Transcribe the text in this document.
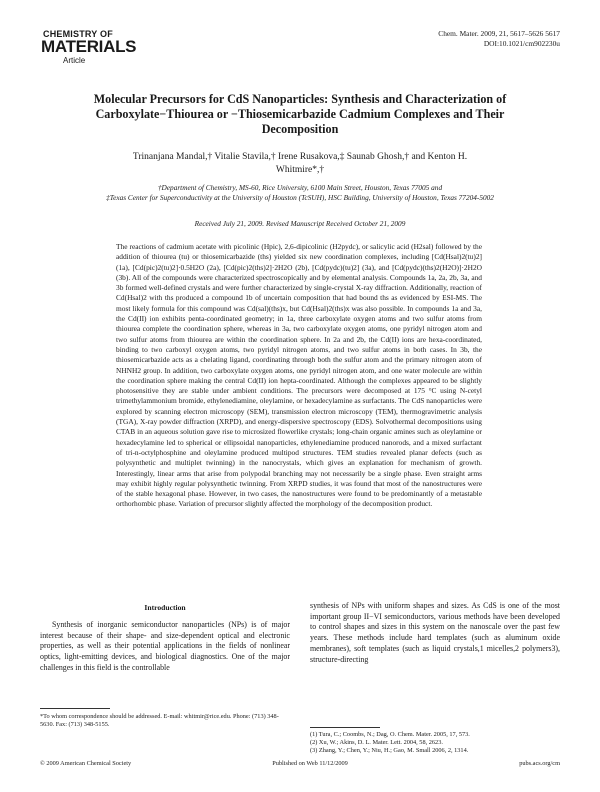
CHEMISTRY OF
MATERIALS
Article
Chem. Mater. 2009, 21, 5617–5626 5617
DOI:10.1021/cm902230u
Molecular Precursors for CdS Nanoparticles: Synthesis and Characterization of Carboxylate−Thiourea or −Thiosemicarbazide Cadmium Complexes and Their Decomposition
Trinanjana Mandal,† Vitalie Stavila,† Irene Rusakova,‡ Saunab Ghosh,† and Kenton H. Whitmire*,†
†Department of Chemistry, MS-60, Rice University, 6100 Main Street, Houston, Texas 77005 and
‡Texas Center for Superconductivity at the University of Houston (TcSUH), HSC Building, University of Houston, Texas 77204-5002
Received July 21, 2009. Revised Manuscript Received October 21, 2009

The reactions of cadmium acetate with picolinic (Hpic), 2,6-dipicolinic (H2pydc), or salicylic acid (H2sal) followed by the addition of thiourea (tu) or thiosemicarbazide (ths) yielded six new coordination complexes, including [Cd(Hsal)2(tu)2] (1a), [Cd(pic)2(tu)2]·0.5H2O (2a), [Cd(pic)2(ths)2]·2H2O (2b), [Cd(pydc)(tu)2] (3a), and [Cd(pydc)(ths)2(H2O)]·2H2O (3b). All of the compounds were characterized spectroscopically and by elemental analysis. Compounds 1a, 2a, 2b, 3a, and 3b formed well-defined crystals and were further characterized by single-crystal X-ray diffraction. Additionally, reaction of Cd(Hsal)2 with ths produced a compound 1b of uncertain composition that had bound ths as evidenced by ESI-MS. The most likely formula for this compound was Cd(sal)(ths)x, but Cd(Hsal)2(ths)x was also possible. In compounds 1a and 3a, the Cd(II) ion exhibits penta-coordinated geometry; in 1a, three carboxylate oxygen atoms and two sulfur atoms from thiourea complete the coordination sphere, whereas in 3a, two carboxylate oxygen atoms, one pyridyl nitrogen atom and two sulfur atoms from thiourea are within the coordination sphere. In 2a and 2b, the Cd(II) ions are hexa-coordinated, binding to two carboxyl oxygen atoms, two pyridyl nitrogen atoms, and two sulfur atoms in both cases. In 3b, the thiosemicarbazide acts as a chelating ligand, coordinating through both the sulfur atom and the primary nitrogen atom of NHNH2 group. In addition, two carboxylate oxygen atoms, one pyridyl nitrogen atom, and one water molecule are within the coordination sphere making the central Cd(II) ion hepta-coordinated. Although the complexes appeared to be slightly photosensitive they are stable under ambient conditions. The precursors were decomposed at 175 °C using N-cetyl trimethylammonium bromide, ethylenediamine, oleylamine, or hexadecylamine as surfactants. The CdS nanoparticles were explored by scanning electron microscopy (SEM), transmission electron microscopy (TEM), thermogravimetric analysis (TGA), X-ray powder diffraction (XRPD), and energy-dispersive spectroscopy (EDS). Solvothermal decompositions using CTAB in an aqueous solution gave rise to microsized flowerlike crystals; long-chain organic amines such as oleylamine or hexadecylamine led to spherical or ellipsoidal nanoparticles, ethylenediamine produced nanorods, and a mixed surfactant of tri-n-octylphosphine and oleylamine produced multipod structures. TEM studies revealed planar defects (such as polysynthetic and multiplet twinning) in the nanocrystals, which gives an explanation for mechanism of growth. Interestingly, linear arms that arise from polypodal branching may not necessarily be a single phase. Even straight arms may exhibit highly regular polysynthetic twinning. From XRPD studies, it was found that most of the nanostructures were of the stable hexagonal phase. However, in two cases, the nanostructures were found to be predominantly of a metastable orthorhombic phase. Variation of precursor slightly affected the morphology of the decomposition product.

Introduction

Synthesis of inorganic semiconductor nanoparticles (NPs) is of major interest because of their shape- and size-dependent optical and electronic properties, as well as their potential applications in the fields of nonlinear optics, light-emitting devices, and biological diagnostics. One of the major challenges in this field is the controllable

synthesis of NPs with uniform shapes and sizes. As CdS is one of the most important group II−VI semiconductors, various methods have been developed to control shapes and sizes in this system on the nanoscale over the past few years. These methods include hard templates (such as aluminum oxide membranes), soft templates (such as liquid crystals,1 micelles,2 polymers3), structure-directing

*To whom correspondence should be addressed. E-mail: whitmir@rice.edu. Phone: (713) 348-5630. Fax: (713) 348-5155.
(1) Tura, C.; Coombs, N.; Dag, O. Chem. Mater. 2005, 17, 573.
(2) Xu, W.; Akins, D. L. Mater. Lett. 2004, 58, 2623.
(3) Zhang, Y.; Chen, Y.; Niu, H.; Gao, M. Small 2006, 2, 1314.
© 2009 American Chemical Society	Published on Web 11/12/2009	pubs.acs.org/cm
